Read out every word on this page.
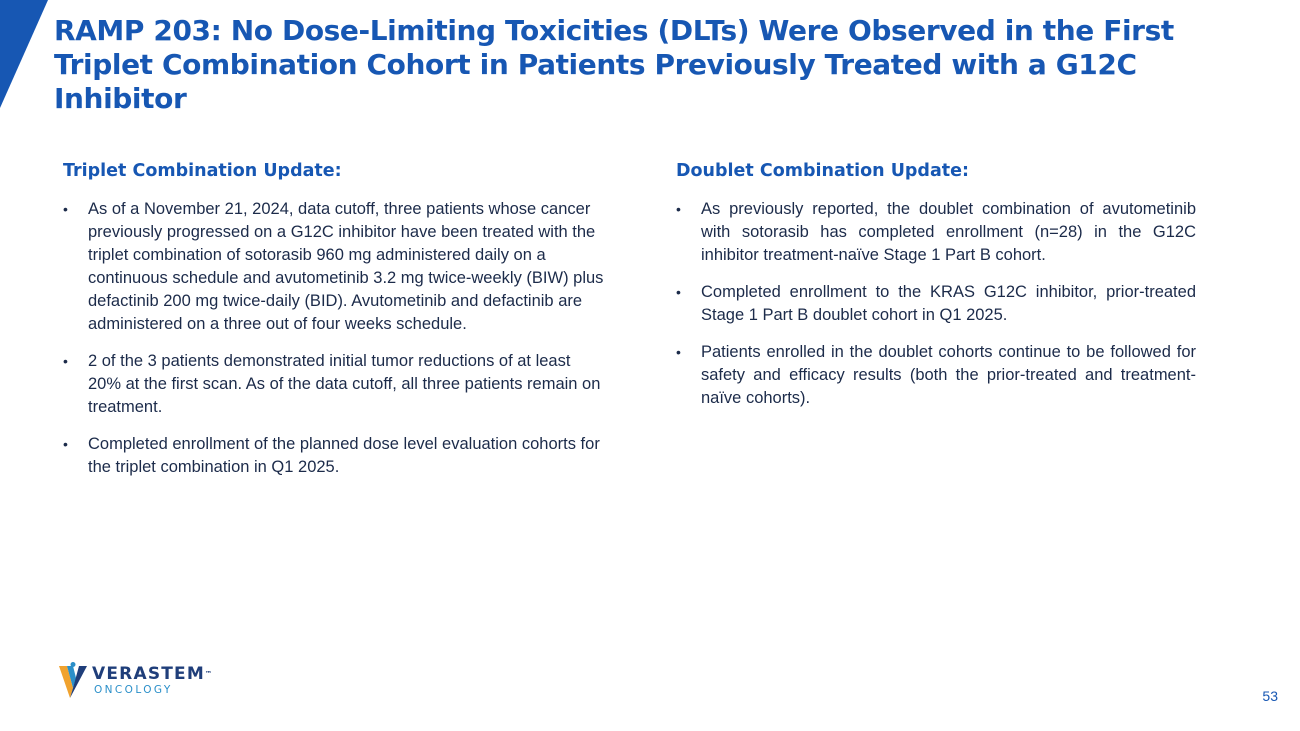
RAMP 203: No Dose-Limiting Toxicities (DLTs) Were Observed in the First Triplet Combination Cohort in Patients Previously Treated with a G12C Inhibitor
Triplet Combination Update:
•	As of a November 21, 2024, data cutoff, three patients whose cancer previously progressed on a G12C inhibitor have been treated with the triplet combination of sotorasib 960 mg administered daily on a continuous schedule and avutometinib 3.2 mg twice-weekly (BIW) plus defactinib 200 mg twice-daily (BID). Avutometinib and defactinib are administered on a three out of four weeks schedule.
•	2 of the 3 patients demonstrated initial tumor reductions of at least 20% at the first scan. As of the data cutoff, all three patients remain on treatment.
•	Completed enrollment of the planned dose level evaluation cohorts for the triplet combination in Q1 2025.
Doublet Combination Update:
•	As previously reported, the doublet combination of avutometinib with sotorasib has completed enrollment (n=28) in the G12C inhibitor treatment-naïve Stage 1 Part B cohort.
•	Completed enrollment to the KRAS G12C inhibitor, prior-treated Stage 1 Part B doublet cohort in Q1 2025.
•	Patients enrolled in the doublet cohorts continue to be followed for safety and efficacy results (both the prior-treated and treatment-naïve cohorts).
VERASTEM™
ONCOLOGY	53
